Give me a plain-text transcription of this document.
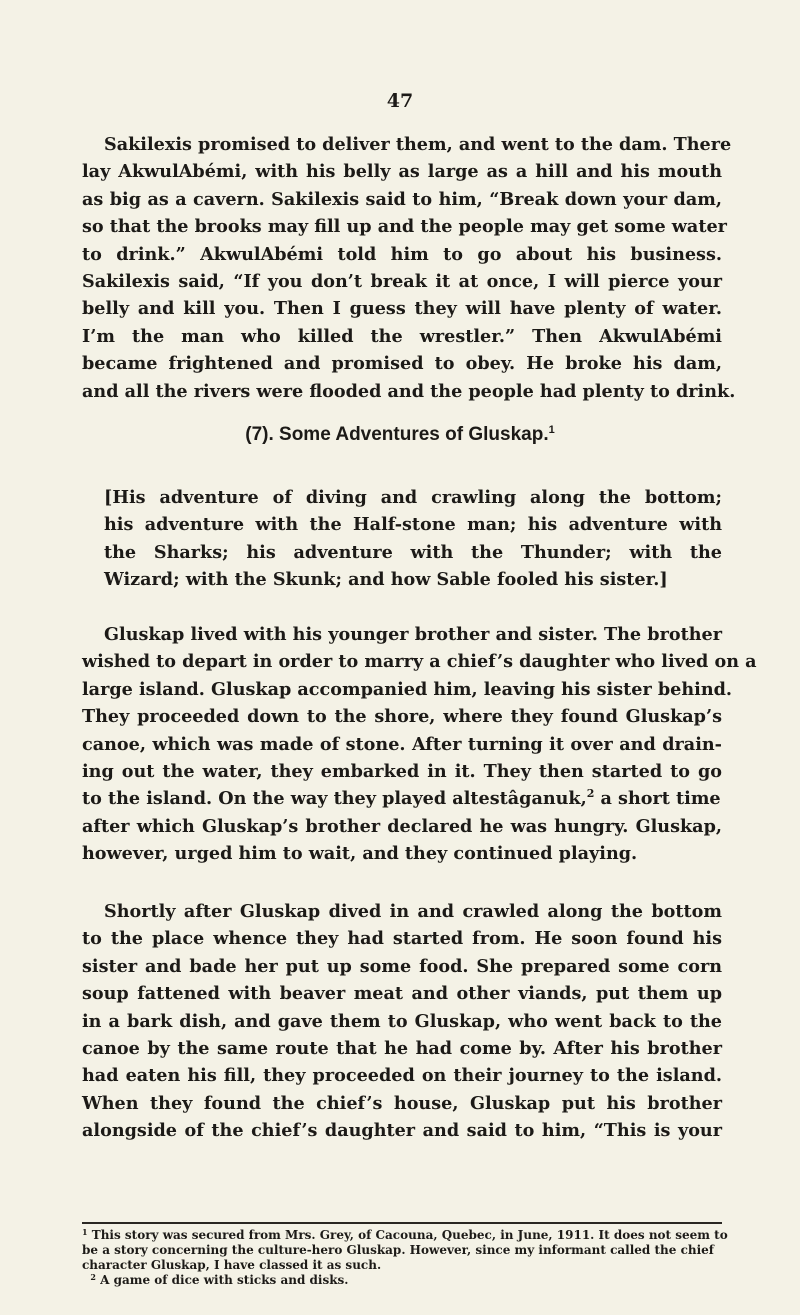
47
Sakilexis promised to deliver them, and went to the dam. There
lay AkwulAbémi, with his belly as large as a hill and his mouth
as big as a cavern. Sakilexis said to him, “Break down your dam,
so that the brooks may fill up and the people may get some water
to drink.” AkwulAbémi told him to go about his business.
Sakilexis said, “If you don’t break it at once, I will pierce your
belly and kill you. Then I guess they will have plenty of water.
I’m the man who killed the wrestler.” Then AkwulAbémi
became frightened and promised to obey. He broke his dam,
and all the rivers were flooded and the people had plenty to drink.
(7). Some Adventures of Gluskap.$^1$
[His adventure of diving and crawling along the bottom;
his adventure with the Half-stone man; his adventure with
the Sharks; his adventure with the Thunder; with the
Wizard; with the Skunk; and how Sable fooled his sister.]
Gluskap lived with his younger brother and sister. The brother
wished to depart in order to marry a chief’s daughter who lived on a
large island. Gluskap accompanied him, leaving his sister behind.
They proceeded down to the shore, where they found Gluskap’s
canoe, which was made of stone. After turning it over and drain-
ing out the water, they embarked in it. They then started to go
to the island. On the way they played altestâganuk,$^2$ a short time
after which Gluskap’s brother declared he was hungry. Gluskap,
however, urged him to wait, and they continued playing.
Shortly after Gluskap dived in and crawled along the bottom
to the place whence they had started from. He soon found his
sister and bade her put up some food. She prepared some corn
soup fattened with beaver meat and other viands, put them up
in a bark dish, and gave them to Gluskap, who went back to the
canoe by the same route that he had come by. After his brother
had eaten his fill, they proceeded on their journey to the island.
When they found the chief’s house, Gluskap put his brother
alongside of the chief’s daughter and said to him, “This is your
$^1$ This story was secured from Mrs. Grey, of Cacouna, Quebec, in June, 1911. It does not seem to
be a story concerning the culture-hero Gluskap. However, since my informant called the chief
character Gluskap, I have classed it as such.
$^2$ A game of dice with sticks and disks.
